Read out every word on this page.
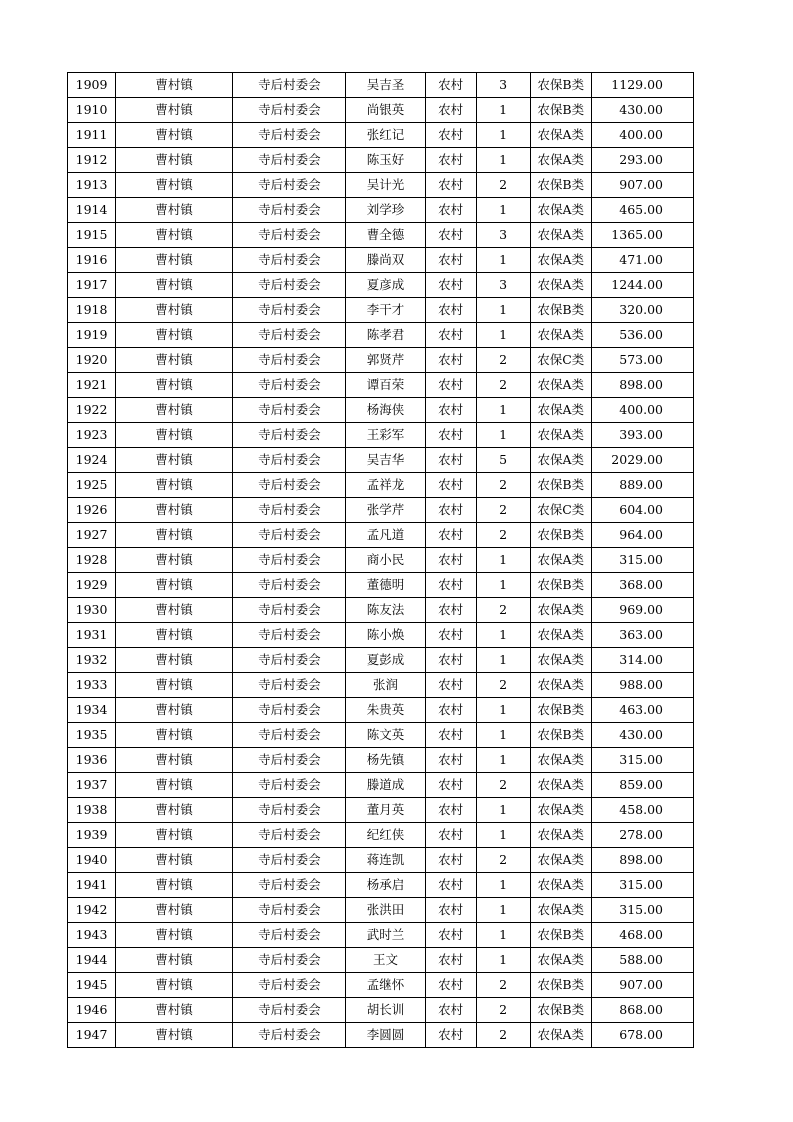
1909	曹村镇	寺后村委会	吴吉圣	农村	3	农保B类	1129.00
1910	曹村镇	寺后村委会	尚银英	农村	1	农保B类	430.00
1911	曹村镇	寺后村委会	张红记	农村	1	农保A类	400.00
1912	曹村镇	寺后村委会	陈玉好	农村	1	农保A类	293.00
1913	曹村镇	寺后村委会	吴计光	农村	2	农保B类	907.00
1914	曹村镇	寺后村委会	刘学珍	农村	1	农保A类	465.00
1915	曹村镇	寺后村委会	曹全德	农村	3	农保A类	1365.00
1916	曹村镇	寺后村委会	滕尚双	农村	1	农保A类	471.00
1917	曹村镇	寺后村委会	夏彦成	农村	3	农保A类	1244.00
1918	曹村镇	寺后村委会	李干才	农村	1	农保B类	320.00
1919	曹村镇	寺后村委会	陈孝君	农村	1	农保A类	536.00
1920	曹村镇	寺后村委会	郭贤芹	农村	2	农保C类	573.00
1921	曹村镇	寺后村委会	谭百荣	农村	2	农保A类	898.00
1922	曹村镇	寺后村委会	杨海侠	农村	1	农保A类	400.00
1923	曹村镇	寺后村委会	王彩军	农村	1	农保A类	393.00
1924	曹村镇	寺后村委会	吴吉华	农村	5	农保A类	2029.00
1925	曹村镇	寺后村委会	孟祥龙	农村	2	农保B类	889.00
1926	曹村镇	寺后村委会	张学芹	农村	2	农保C类	604.00
1927	曹村镇	寺后村委会	孟凡道	农村	2	农保B类	964.00
1928	曹村镇	寺后村委会	商小民	农村	1	农保A类	315.00
1929	曹村镇	寺后村委会	董德明	农村	1	农保B类	368.00
1930	曹村镇	寺后村委会	陈友法	农村	2	农保A类	969.00
1931	曹村镇	寺后村委会	陈小焕	农村	1	农保A类	363.00
1932	曹村镇	寺后村委会	夏彭成	农村	1	农保A类	314.00
1933	曹村镇	寺后村委会	张润	农村	2	农保A类	988.00
1934	曹村镇	寺后村委会	朱贵英	农村	1	农保B类	463.00
1935	曹村镇	寺后村委会	陈文英	农村	1	农保B类	430.00
1936	曹村镇	寺后村委会	杨先镇	农村	1	农保A类	315.00
1937	曹村镇	寺后村委会	滕道成	农村	2	农保A类	859.00
1938	曹村镇	寺后村委会	董月英	农村	1	农保A类	458.00
1939	曹村镇	寺后村委会	纪红侠	农村	1	农保A类	278.00
1940	曹村镇	寺后村委会	蒋连凯	农村	2	农保A类	898.00
1941	曹村镇	寺后村委会	杨承启	农村	1	农保A类	315.00
1942	曹村镇	寺后村委会	张洪田	农村	1	农保A类	315.00
1943	曹村镇	寺后村委会	武时兰	农村	1	农保B类	468.00
1944	曹村镇	寺后村委会	王文	农村	1	农保A类	588.00
1945	曹村镇	寺后村委会	孟继怀	农村	2	农保B类	907.00
1946	曹村镇	寺后村委会	胡长训	农村	2	农保B类	868.00
1947	曹村镇	寺后村委会	李圆圆	农村	2	农保A类	678.00
